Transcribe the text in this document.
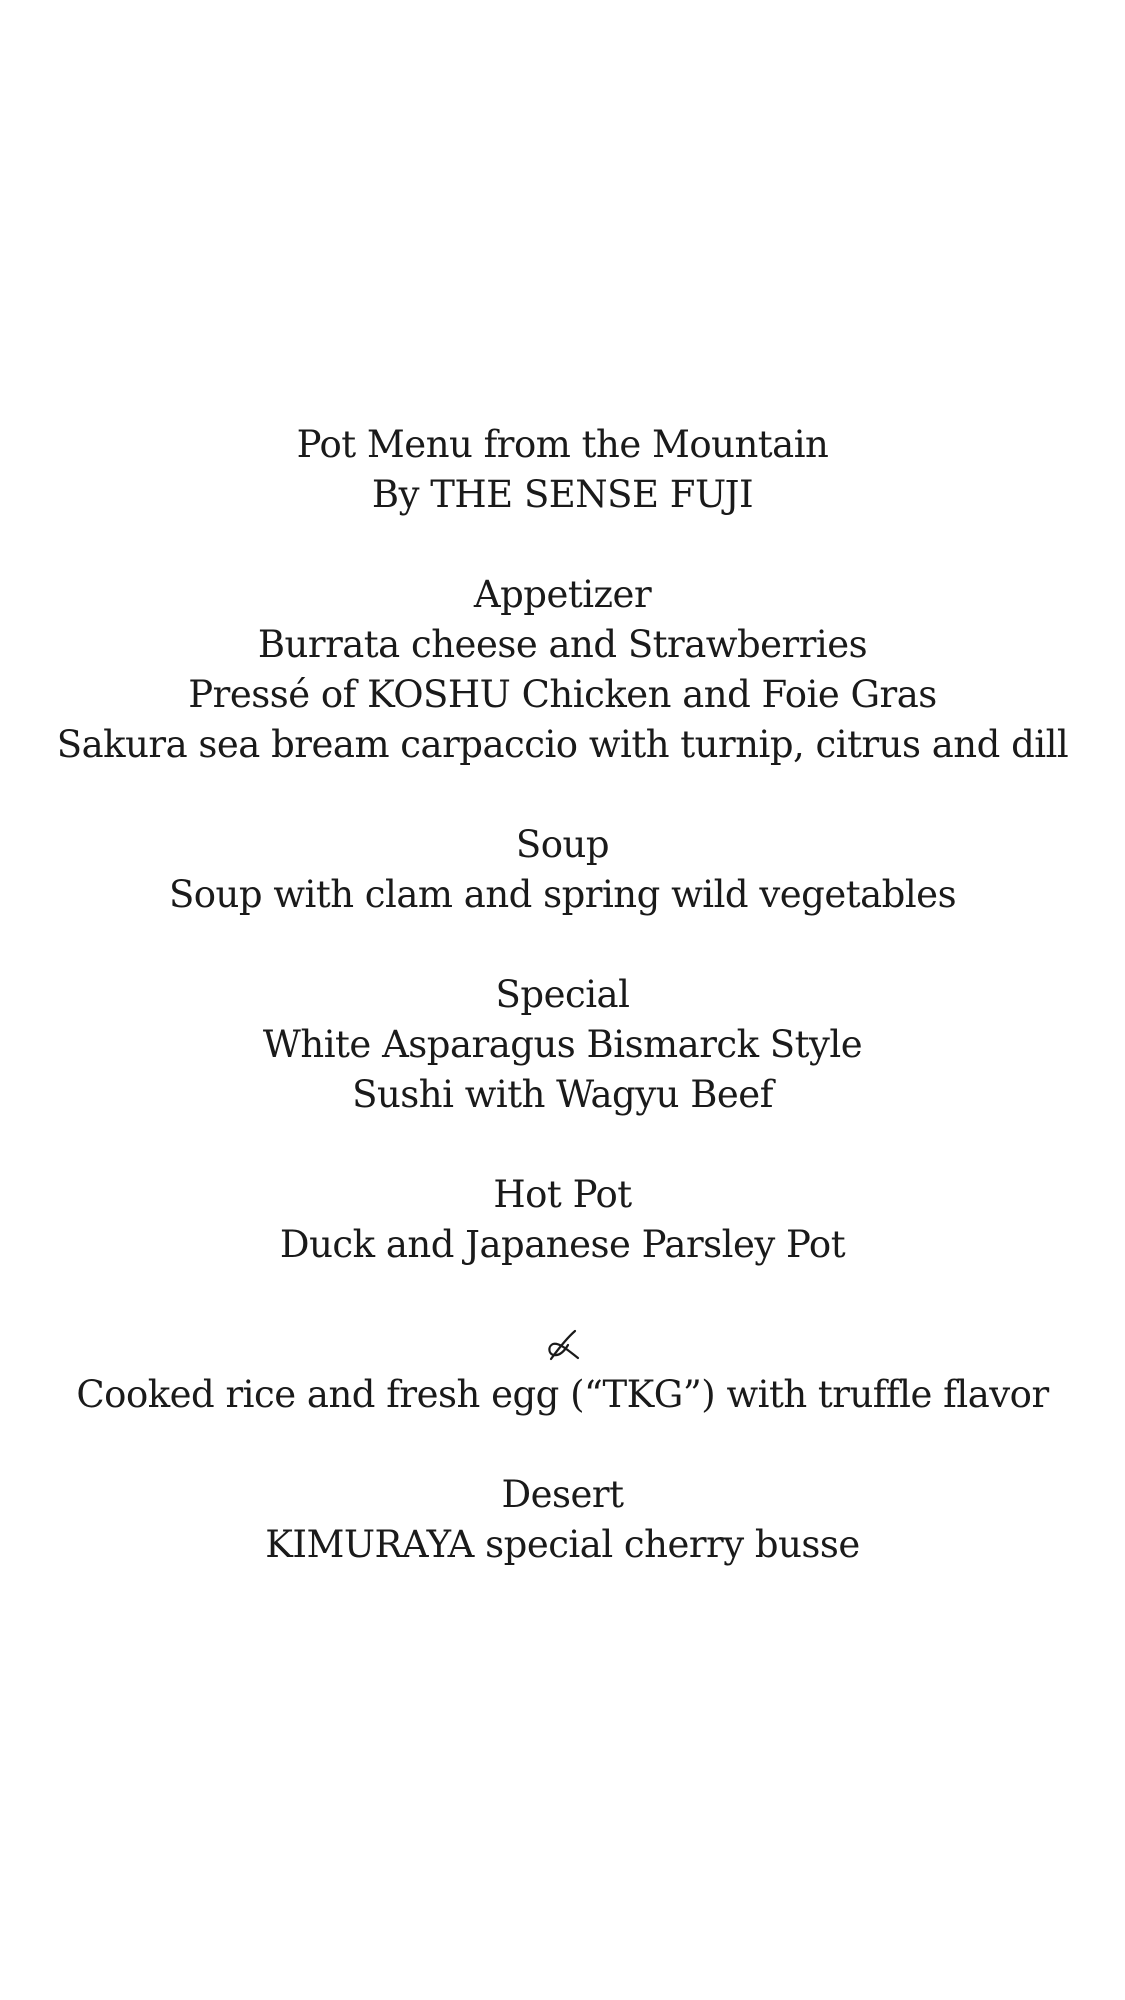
Pot Menu from the Mountain
By THE SENSE FUJI
Appetizer
Burrata cheese and Strawberries
Pressé of KOSHU Chicken and Foie Gras
Sakura sea bream carpaccio with turnip, citrus and dill
Soup
Soup with clam and spring wild vegetables
Special
White Asparagus Bismarck Style
Sushi with Wagyu Beef
Hot Pot
Duck and Japanese Parsley Pot
Cooked rice and fresh egg (“TKG”) with truffle flavor
Desert
KIMURAYA special cherry busse
